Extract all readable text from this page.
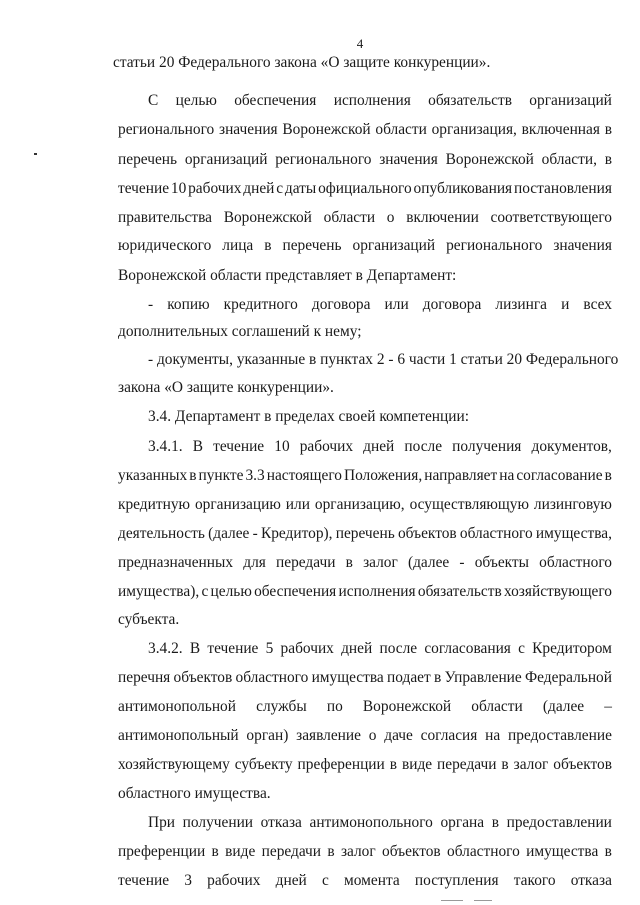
4
статьи 20 Федерального закона «О защите конкуренции».
С целью обеспечения исполнения обязательств организаций
регионального значения Воронежской области организация, включенная в
перечень организаций регионального значения Воронежской области, в
течение 10 рабочих дней с даты официального опубликования постановления
правительства Воронежской области о включении соответствующего
юридического лица в перечень организаций регионального значения
Воронежской области представляет в Департамент:
- копию кредитного договора или договора лизинга и всех
дополнительных соглашений к нему;
- документы, указанные в пунктах 2 - 6 части 1 статьи 20 Федерального
закона «О защите конкуренции».
3.4. Департамент в пределах своей компетенции:
3.4.1. В течение 10 рабочих дней после получения документов,
указанных в пункте 3.3 настоящего Положения, направляет на согласование в
кредитную организацию или организацию, осуществляющую лизинговую
деятельность (далее - Кредитор), перечень объектов областного имущества,
предназначенных для передачи в залог (далее - объекты областного
имущества), с целью обеспечения исполнения обязательств хозяйствующего
субъекта.
3.4.2. В течение 5 рабочих дней после согласования с Кредитором
перечня объектов областного имущества подает в Управление Федеральной
антимонопольной службы по Воронежской области (далее –
антимонопольный орган) заявление о даче согласия на предоставление
хозяйствующему субъекту преференции в виде передачи в залог объектов
областного имущества.
При получении отказа антимонопольного органа в предоставлении
преференции в виде передачи в залог объектов областного имущества в
течение 3 рабочих дней с момента поступления такого отказа
